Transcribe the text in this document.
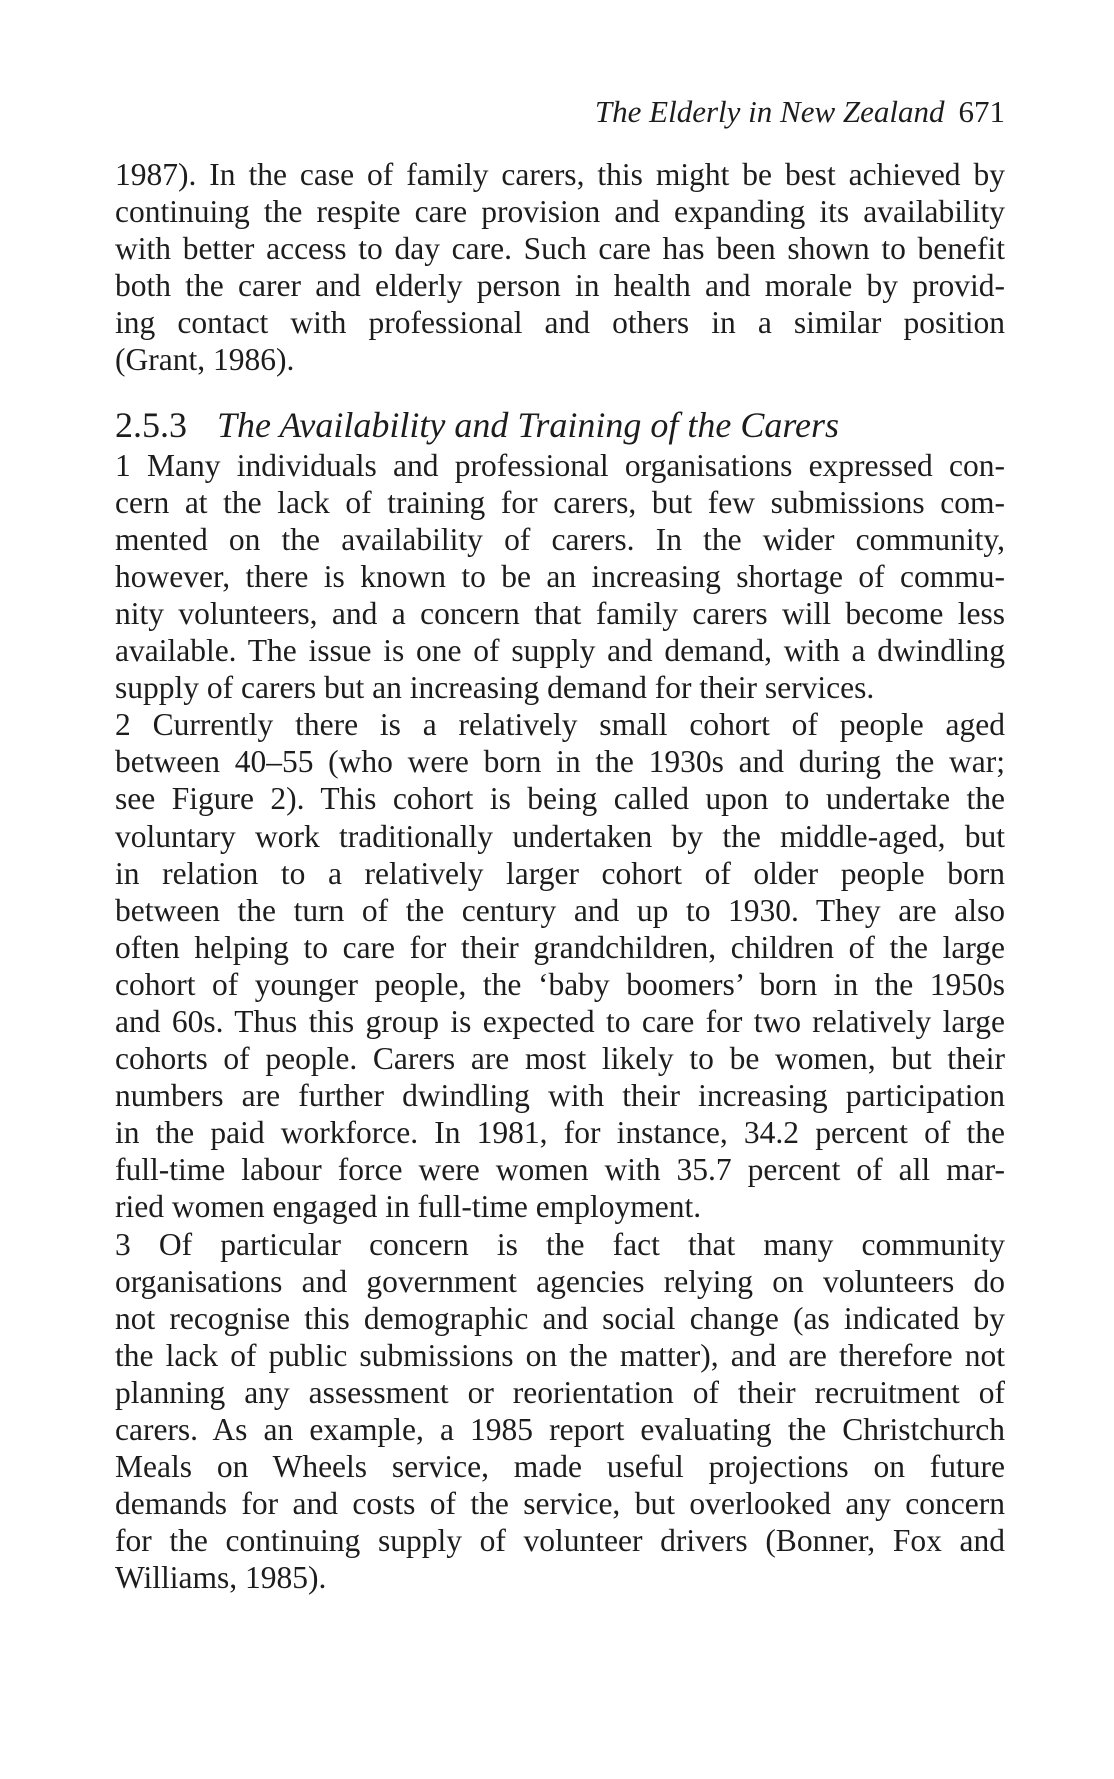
The Elderly in New Zealand 671
1987). In the case of family carers, this might be best achieved by
continuing the respite care provision and expanding its availability
with better access to day care. Such care has been shown to benefit
both the carer and elderly person in health and morale by provid-
ing contact with professional and others in a similar position
(Grant, 1986).
2.5.3 The Availability and Training of the Carers
1 Many individuals and professional organisations expressed con-
cern at the lack of training for carers, but few submissions com-
mented on the availability of carers. In the wider community,
however, there is known to be an increasing shortage of commu-
nity volunteers, and a concern that family carers will become less
available. The issue is one of supply and demand, with a dwindling
supply of carers but an increasing demand for their services.
2 Currently there is a relatively small cohort of people aged
between 40–55 (who were born in the 1930s and during the war;
see Figure 2). This cohort is being called upon to undertake the
voluntary work traditionally undertaken by the middle-aged, but
in relation to a relatively larger cohort of older people born
between the turn of the century and up to 1930. They are also
often helping to care for their grandchildren, children of the large
cohort of younger people, the ‘baby boomers’ born in the 1950s
and 60s. Thus this group is expected to care for two relatively large
cohorts of people. Carers are most likely to be women, but their
numbers are further dwindling with their increasing participation
in the paid workforce. In 1981, for instance, 34.2 percent of the
full-time labour force were women with 35.7 percent of all mar-
ried women engaged in full-time employment.
3 Of particular concern is the fact that many community
organisations and government agencies relying on volunteers do
not recognise this demographic and social change (as indicated by
the lack of public submissions on the matter), and are therefore not
planning any assessment or reorientation of their recruitment of
carers. As an example, a 1985 report evaluating the Christchurch
Meals on Wheels service, made useful projections on future
demands for and costs of the service, but overlooked any concern
for the continuing supply of volunteer drivers (Bonner, Fox and
Williams, 1985).
